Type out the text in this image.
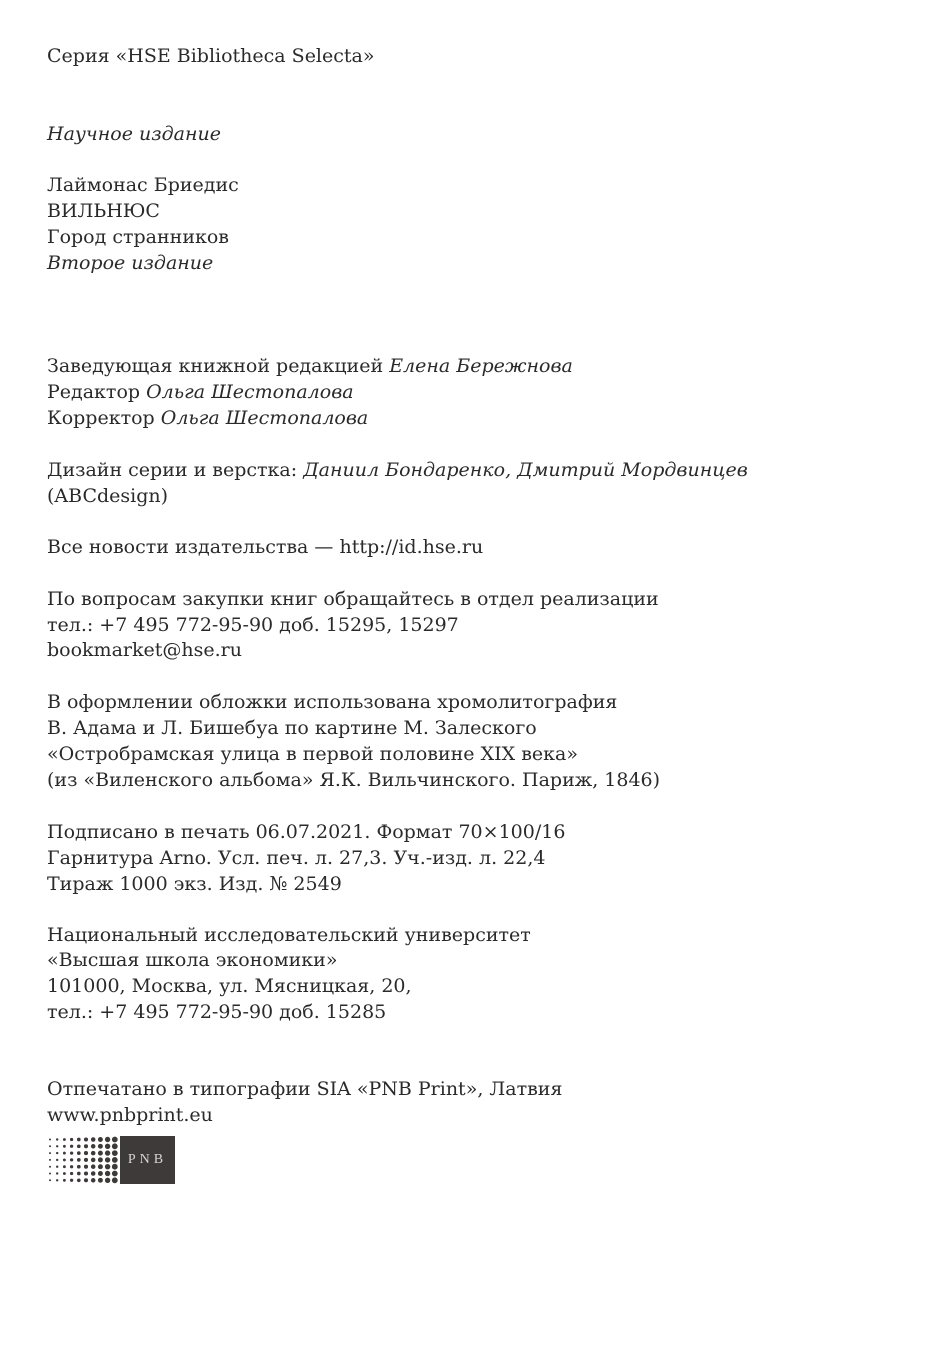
Серия «HSE Bibliotheca Selecta»
Научное издание
Лаймонас Бриедис
ВИЛЬНЮС
Город странников
Второе издание
Заведующая книжной редакцией Елена Бережнова
Редактор Ольга Шестопалова
Корректор Ольга Шестопалова
Дизайн серии и верстка: Даниил Бондаренко, Дмитрий Мордвинцев
(ABCdesign)
Все новости издательства — http://id.hse.ru
По вопросам закупки книг обращайтесь в отдел реализации
тел.: +7 495 772-95-90 доб. 15295, 15297
bookmarket@hse.ru
В оформлении обложки использована хромолитография
В. Адама и Л. Бишебуа по картине М. Залеского
«Остробрамская улица в первой половине XIX века»
(из «Виленского альбома» Я.К. Вильчинского. Париж, 1846)
Подписано в печать 06.07.2021. Формат 70×100/16
Гарнитура Arno. Усл. печ. л. 27,3. Уч.-изд. л. 22,4
Тираж 1000 экз. Изд. № 2549
Национальный исследовательский университет
«Высшая школа экономики»
101000, Москва, ул. Мясницкая, 20,
тел.: +7 495 772-95-90 доб. 15285
Отпечатано в типографии SIA «PNB Print», Латвия
www.pnbprint.eu
PNB
